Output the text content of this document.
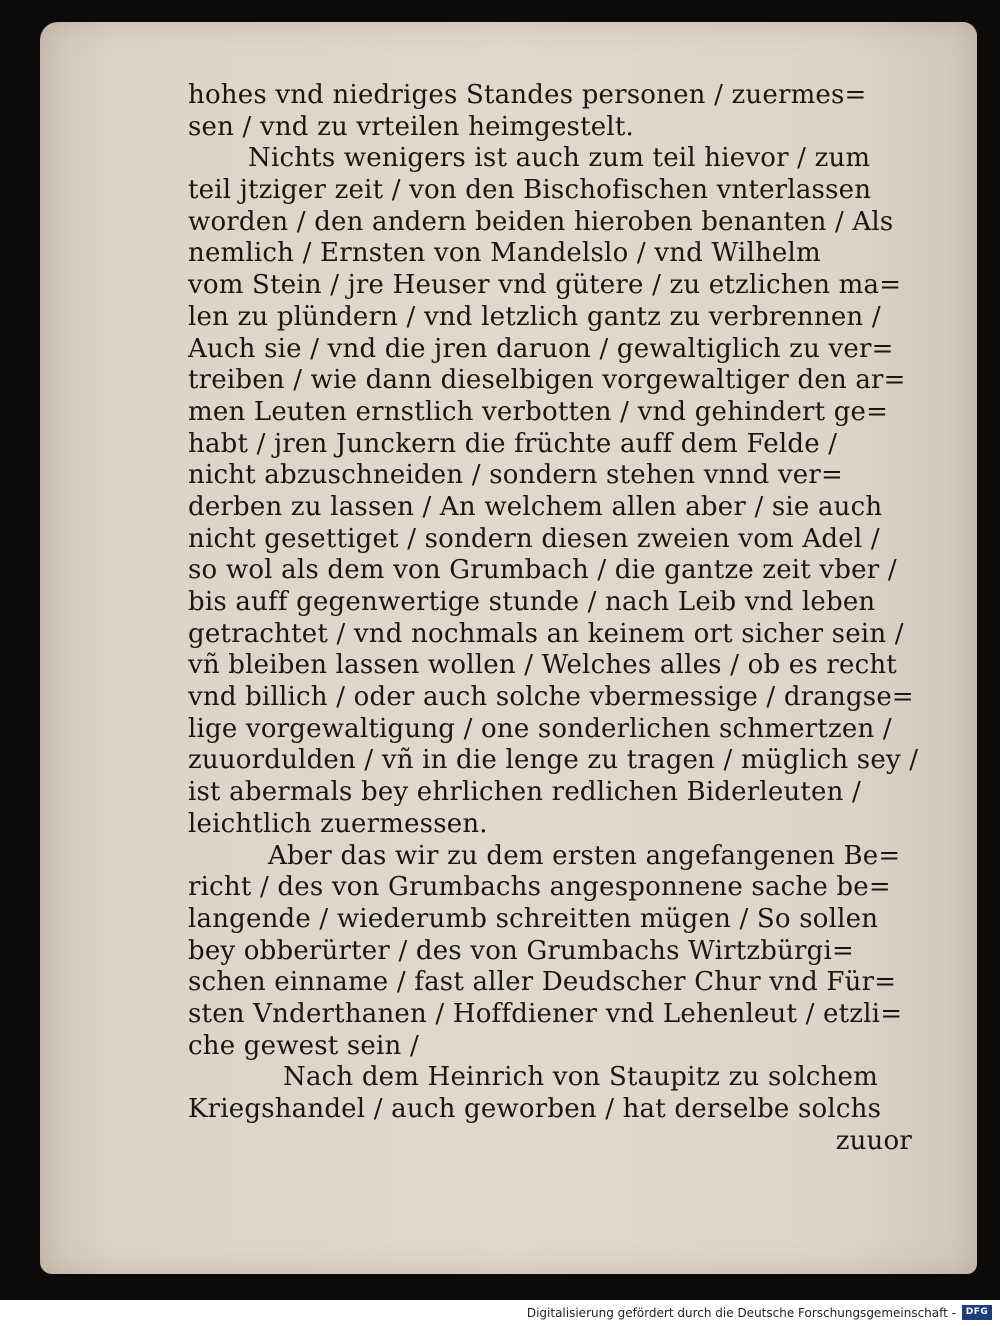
hohes vnd niedriges Standes personen / zuermes=
sen / vnd zu vrteilen heimgestelt.
Nichts wenigers ist auch zum teil hievor / zum
teil jtziger zeit / von den Bischofischen vnterlassen
worden / den andern beiden hieroben benanten / Als
nemlich / Ernsten von Mandelslo / vnd Wilhelm
vom Stein / jre Heuser vnd gütere / zu etzlichen ma=
len zu plündern / vnd letzlich gantz zu verbrennen /
Auch sie / vnd die jren daruon / gewaltiglich zu ver=
treiben / wie dann dieselbigen vorgewaltiger den ar=
men Leuten ernstlich verbotten / vnd gehindert ge=
habt / jren Junckern die früchte auff dem Felde /
nicht abzuschneiden / sondern stehen vnnd ver=
derben zu lassen / An welchem allen aber / sie auch
nicht gesettiget / sondern diesen zweien vom Adel /
so wol als dem von Grumbach / die gantze zeit vber /
bis auff gegenwertige stunde / nach Leib vnd leben
getrachtet / vnd nochmals an keinem ort sicher sein /
vñ bleiben lassen wollen / Welches alles / ob es recht
vnd billich / oder auch solche vbermessige / drangse=
lige vorgewaltigung / one sonderlichen schmertzen /
zuuordulden / vñ in die lenge zu tragen / müglich sey /
ist abermals bey ehrlichen redlichen Biderleuten /
leichtlich zuermessen.
Aber das wir zu dem ersten angefangenen Be=
richt / des von Grumbachs angesponnene sache be=
langende / wiederumb schreitten mügen / So sollen
bey obberürter / des von Grumbachs Wirtzbürgi=
schen einname / fast aller Deudscher Chur vnd Für=
sten Vnderthanen / Hoffdiener vnd Lehenleut / etzli=
che gewest sein /
Nach dem Heinrich von Staupitz zu solchem
Kriegshandel / auch geworben / hat derselbe solchs
zuuor
Digitalisierung gefördert durch die Deutsche Forschungsgemeinschaft -	DFG
